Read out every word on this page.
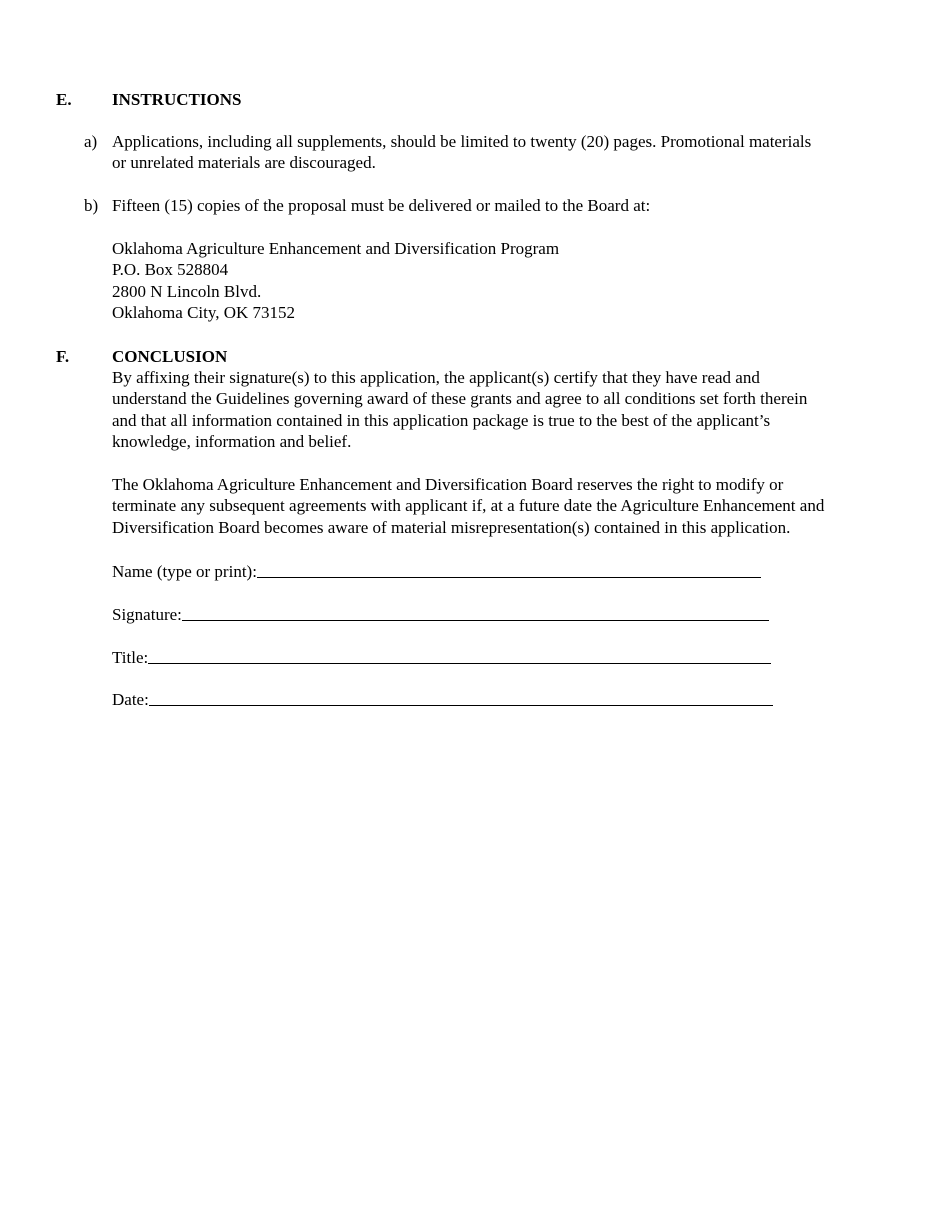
E. INSTRUCTIONS
a) Applications, including all supplements, should be limited to twenty (20) pages. Promotional materials
or unrelated materials are discouraged.
b) Fifteen (15) copies of the proposal must be delivered or mailed to the Board at:
Oklahoma Agriculture Enhancement and Diversification Program
P.O. Box 528804
2800 N Lincoln Blvd.
Oklahoma City, OK 73152
F.	CONCLUSION
By affixing their signature(s) to this application, the applicant(s) certify that they have read and
understand the Guidelines governing award of these grants and agree to all conditions set forth therein
and that all information contained in this application package is true to the best of the applicant’s
knowledge, information and belief.
The Oklahoma Agriculture Enhancement and Diversification Board reserves the right to modify or
terminate any subsequent agreements with applicant if, at a future date the Agriculture Enhancement and
Diversification Board becomes aware of material misrepresentation(s) contained in this application.
Name (type or print):
Signature:
Title:
Date:
